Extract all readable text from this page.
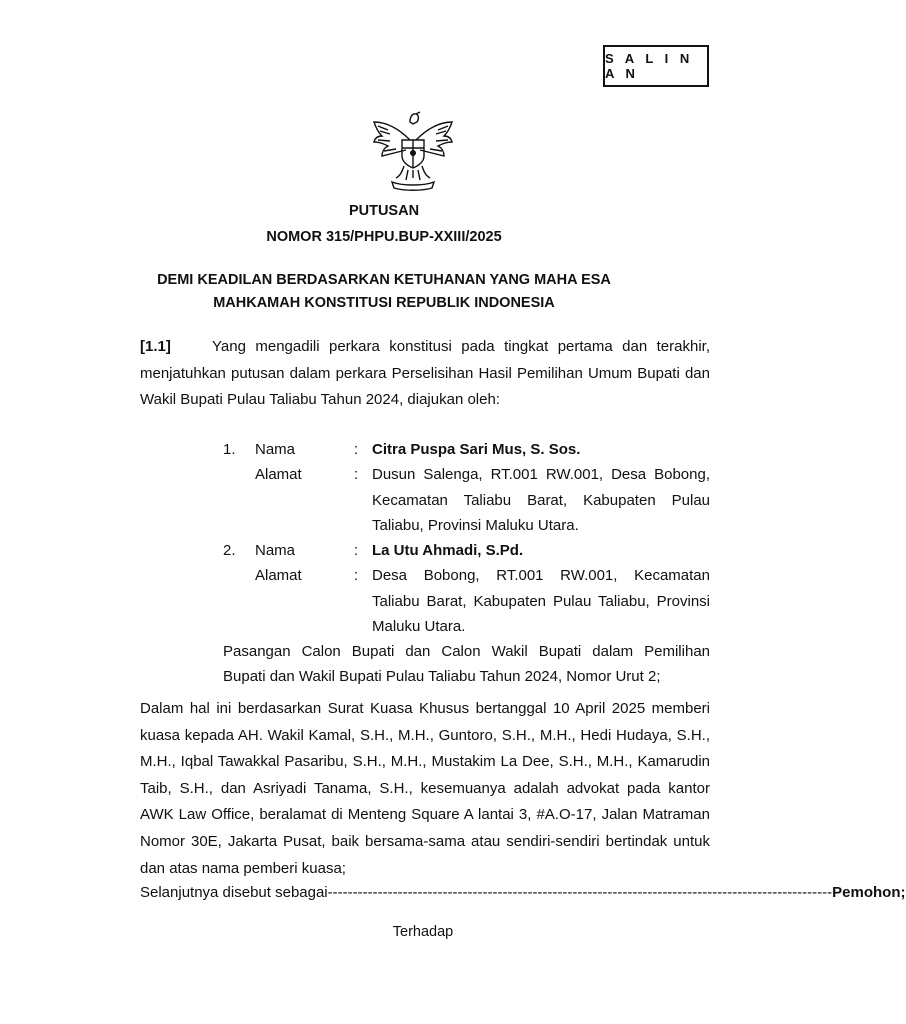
S A L I N A N
PUTUSAN
NOMOR 315/PHPU.BUP-XXIII/2025
DEMI KEADILAN BERDASARKAN KETUHANAN YANG MAHA ESA
MAHKAMAH KONSTITUSI REPUBLIK INDONESIA
[1.1]	Yang mengadili perkara konstitusi pada tingkat pertama dan terakhir,
menjatuhkan putusan dalam perkara Perselisihan Hasil Pemilihan Umum Bupati dan
Wakil Bupati Pulau Taliabu Tahun 2024, diajukan oleh:
1. Nama	: Citra Puspa Sari Mus, S. Sos.
Alamat	: Dusun Salenga, RT.001 RW.001, Desa Bobong,
Kecamatan Taliabu Barat, Kabupaten Pulau
Taliabu, Provinsi Maluku Utara.
2. Nama	: La Utu Ahmadi, S.Pd.
Alamat	: Desa Bobong, RT.001 RW.001, Kecamatan
Taliabu Barat, Kabupaten Pulau Taliabu, Provinsi
Maluku Utara.
Pasangan Calon Bupati dan Calon Wakil Bupati dalam Pemilihan
Bupati dan Wakil Bupati Pulau Taliabu Tahun 2024, Nomor Urut 2;
Dalam hal ini berdasarkan Surat Kuasa Khusus bertanggal 10 April 2025 memberi
kuasa kepada AH. Wakil Kamal, S.H., M.H., Guntoro, S.H., M.H., Hedi Hudaya, S.H.,
M.H., Iqbal Tawakkal Pasaribu, S.H., M.H., Mustakim La Dee, S.H., M.H., Kamarudin
Taib, S.H., dan Asriyadi Tanama, S.H., kesemuanya adalah advokat pada kantor
AWK Law Office, beralamat di Menteng Square A lantai 3, #A.O-17, Jalan Matraman
Nomor 30E, Jakarta Pusat, baik bersama-sama atau sendiri-sendiri bertindak untuk
dan atas nama pemberi kuasa;
Selanjutnya disebut sebagai ----------------------------------------------------------------------------------------------------- Pemohon;
Terhadap
